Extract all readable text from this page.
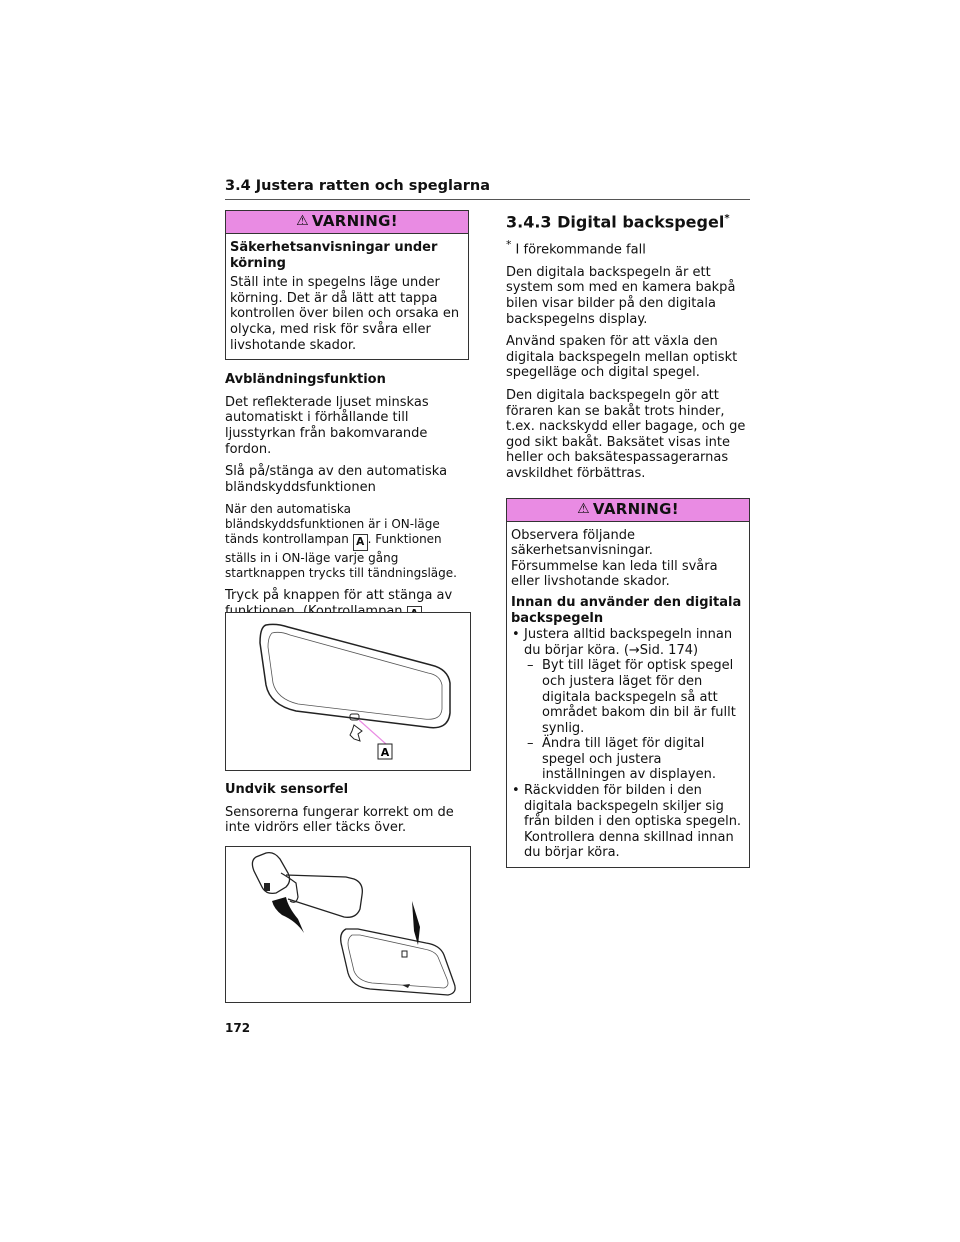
3.4 Justera ratten och speglarna
⚠ VARNING!

Säkerhetsanvisningar under körning

Ställ inte in spegelns läge under körning. Det är då lätt att tappa kontrollen över bilen och orsaka en olycka, med risk för svåra eller livshotande skador.

Avbländningsfunktion

Det reflekterade ljuset minskas automatiskt i förhållande till ljusstyrkan från bakomvarande fordon.

Slå på/stänga av den automatiska bländskyddsfunktionen

När den automatiska bländskyddsfunktionen är i ON-läge tänds kontrollampan A . Funktionen ställs in i ON-läge varje gång startknappen trycks till tändningsläge.

Tryck på knappen för att stänga av

A

Undvik sensorfel

Sensorerna fungerar korrekt om de inte vidrörs eller täcks över.

3.4.3 Digital backspegel*

* I förekommande fall

Den digitala backspegeln är ett system som med en kamera bakpå bilen visar bilder på den digitala backspegelns display.

Använd spaken för att växla den digitala backspegeln mellan optiskt spegelläge och digital spegel.

Den digitala backspegeln gör att föraren kan se bakåt trots hinder, t.ex. nackskydd eller bagage, och ge god sikt bakåt. Baksätet visas inte heller och baksätespassagerarnas avskildhet förbättras.

⚠ VARNING!

Observera följande säkerhetsanvisningar. Försummelse kan leda till svåra eller livshotande skador.

Innan du använder den digitala backspegeln

• Justera alltid backspegeln innan du börjar köra. (→Sid. 174)
– Byt till läget för optisk spegel och justera läget för den digitala backspegeln så att området bakom din bil är fullt synlig.
– Ändra till läget för digital spegel och justera inställningen av displayen.
• Räckvidden för bilden i den digitala backspegeln skiljer sig från bilden i den optiska spegeln. Kontrollera denna skillnad innan du börjar köra.
172
